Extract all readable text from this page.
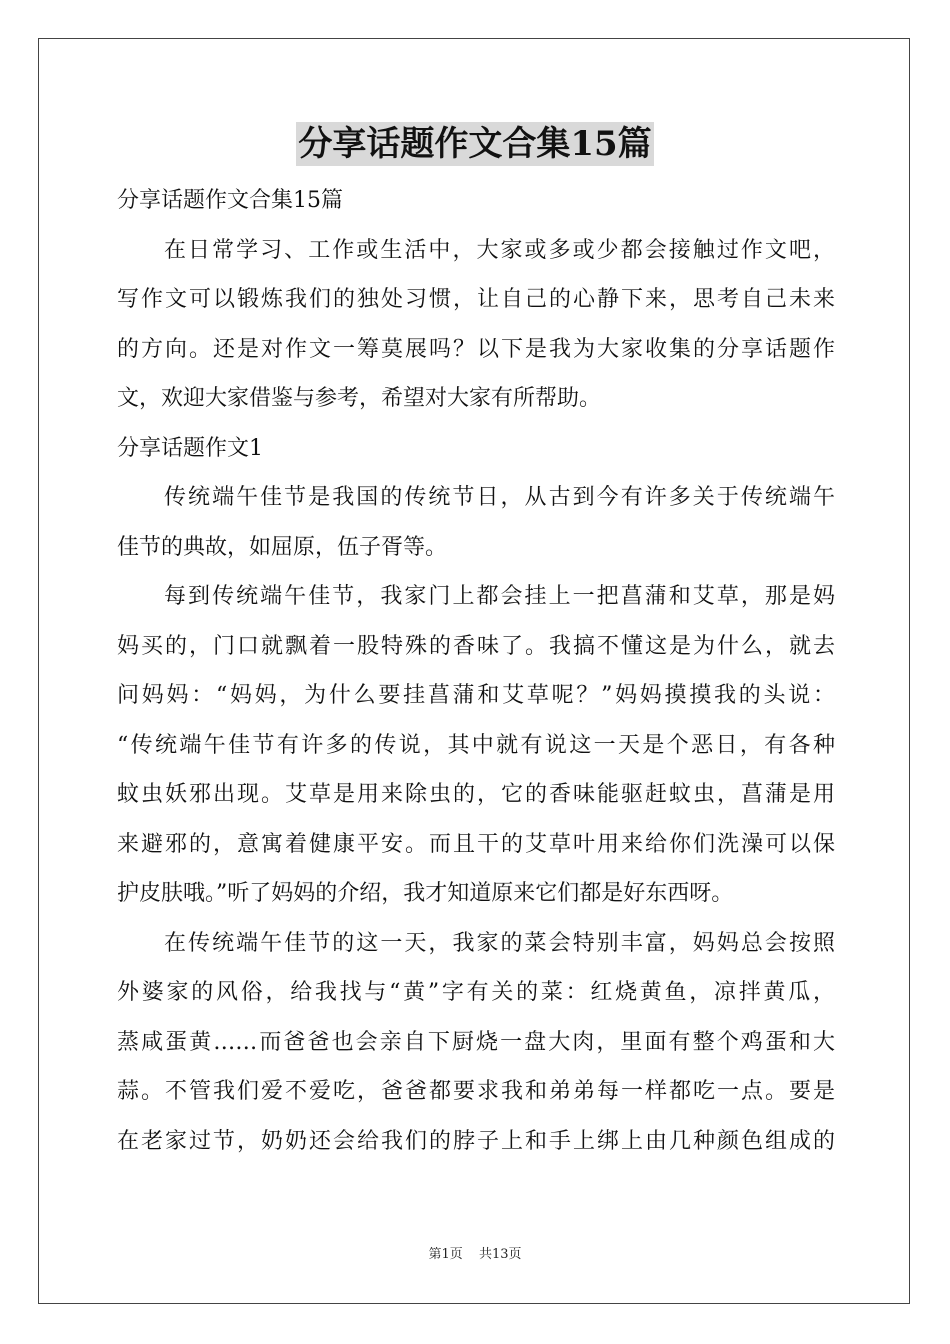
分享话题作文合集15篇
分享话题作文合集15篇
在日常学习、工作或生活中，大家或多或少都会接触过作文吧，
写作文可以锻炼我们的独处习惯，让自己的心静下来，思考自己未来
的方向。还是对作文一筹莫展吗？以下是我为大家收集的分享话题作
文，欢迎大家借鉴与参考，希望对大家有所帮助。
分享话题作文1
传统端午佳节是我国的传统节日，从古到今有许多关于传统端午
佳节的典故，如屈原，伍子胥等。
每到传统端午佳节，我家门上都会挂上一把菖蒲和艾草，那是妈
妈买的，门口就飘着一股特殊的香味了。我搞不懂这是为什么，就去
问妈妈：“妈妈，为什么要挂菖蒲和艾草呢？”妈妈摸摸我的头说：
“传统端午佳节有许多的传说，其中就有说这一天是个恶日，有各种
蚊虫妖邪出现。艾草是用来除虫的，它的香味能驱赶蚊虫，菖蒲是用
来避邪的，意寓着健康平安。而且干的艾草叶用来给你们洗澡可以保
护皮肤哦。”听了妈妈的介绍，我才知道原来它们都是好东西呀。
在传统端午佳节的这一天，我家的菜会特别丰富，妈妈总会按照
外婆家的风俗，给我找与“黄”字有关的菜：红烧黄鱼，凉拌黄瓜，
蒸咸蛋黄……而爸爸也会亲自下厨烧一盘大肉，里面有整个鸡蛋和大
蒜。不管我们爱不爱吃，爸爸都要求我和弟弟每一样都吃一点。要是
在老家过节，奶奶还会给我们的脖子上和手上绑上由几种颜色组成的
第1页 共13页
